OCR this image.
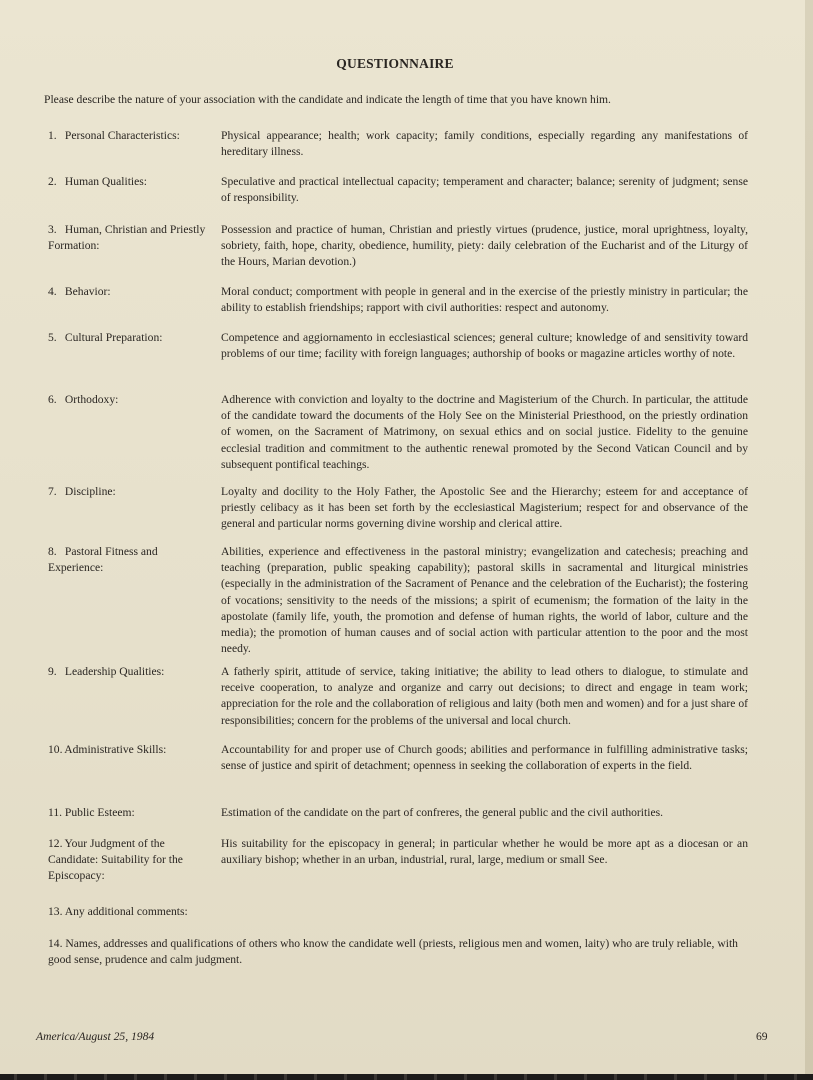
QUESTIONNAIRE
Please describe the nature of your association with the candidate and indicate the length of time that you have known him.
1. Personal Characteristics:	Physical appearance; health; work capacity; family conditions, especially regarding any manifestations of hereditary illness.
2. Human Qualities:	Speculative and practical intellectual capacity; temperament and character; balance; serenity of judgment; sense of responsibility.
3. Human, Christian and Priestly Formation:
Possession and practice of human, Christian and priestly virtues (prudence, justice, moral uprightness, loyalty, sobriety, faith, hope, charity, obedience, humility, piety: daily celebration of the Eucharist and of the Liturgy of the Hours, Marian devotion.)
4. Behavior:	Moral conduct; comportment with people in general and in the exercise of the priestly ministry in particular; the ability to establish friendships; rapport with civil authorities: respect and autonomy.
5. Cultural Preparation:	Competence and aggiornamento in ecclesiastical sciences; general culture; knowledge of and sensitivity toward problems of our time; facility with foreign languages; authorship of books or magazine articles worthy of note.
6. Orthodoxy:	Adherence with conviction and loyalty to the doctrine and Magisterium of the Church. In particular, the attitude of the candidate toward the documents of the Holy See on the Ministerial Priesthood, on the priestly ordination of women, on the Sacrament of Matrimony, on sexual ethics and on social justice. Fidelity to the genuine ecclesial tradition and commitment to the authentic renewal promoted by the Second Vatican Council and by subsequent pontifical teachings.
7. Discipline:	Loyalty and docility to the Holy Father, the Apostolic See and the Hierarchy; esteem for and acceptance of priestly celibacy as it has been set forth by the ecclesiastical Magisterium; respect for and observance of the general and particular norms governing divine worship and clerical attire.
8. Pastoral Fitness and Experience:
Abilities, experience and effectiveness in the pastoral ministry; evangelization and catechesis; preaching and teaching (preparation, public speaking capability); pastoral skills in sacramental and liturgical ministries (especially in the administration of the Sacrament of Penance and the celebration of the Eucharist); the fostering of vocations; sensitivity to the needs of the missions; a spirit of ecumenism; the formation of the laity in the apostolate (family life, youth, the promotion and defense of human rights, the world of labor, culture and the media); the promotion of human causes and of social action with particular attention to the poor and the most needy.
9. Leadership Qualities:	A fatherly spirit, attitude of service, taking initiative; the ability to lead others to dialogue, to stimulate and receive cooperation, to analyze and organize and carry out decisions; to direct and engage in team work; appreciation for the role and the collaboration of religious and laity (both men and women) and for a just share of responsibilities; concern for the problems of the universal and local church.
10. Administrative Skills:	Accountability for and proper use of Church goods; abilities and performance in fulfilling administrative tasks; sense of justice and spirit of detachment; openness in seeking the collaboration of experts in the field.
11. Public Esteem:	Estimation of the candidate on the part of confreres, the general public and the civil authorities.
12. Your Judgment of the Candidate: Suitability for the Episcopacy:
His suitability for the episcopacy in general; in particular whether he would be more apt as a diocesan or an auxiliary bishop; whether in an urban, industrial, rural, large, medium or small See.
13. Any additional comments:
14. Names, addresses and qualifications of others who know the candidate well (priests, religious men and women, laity) who are truly reliable, with good sense, prudence and calm judgment.
America/August 25, 1984	69
